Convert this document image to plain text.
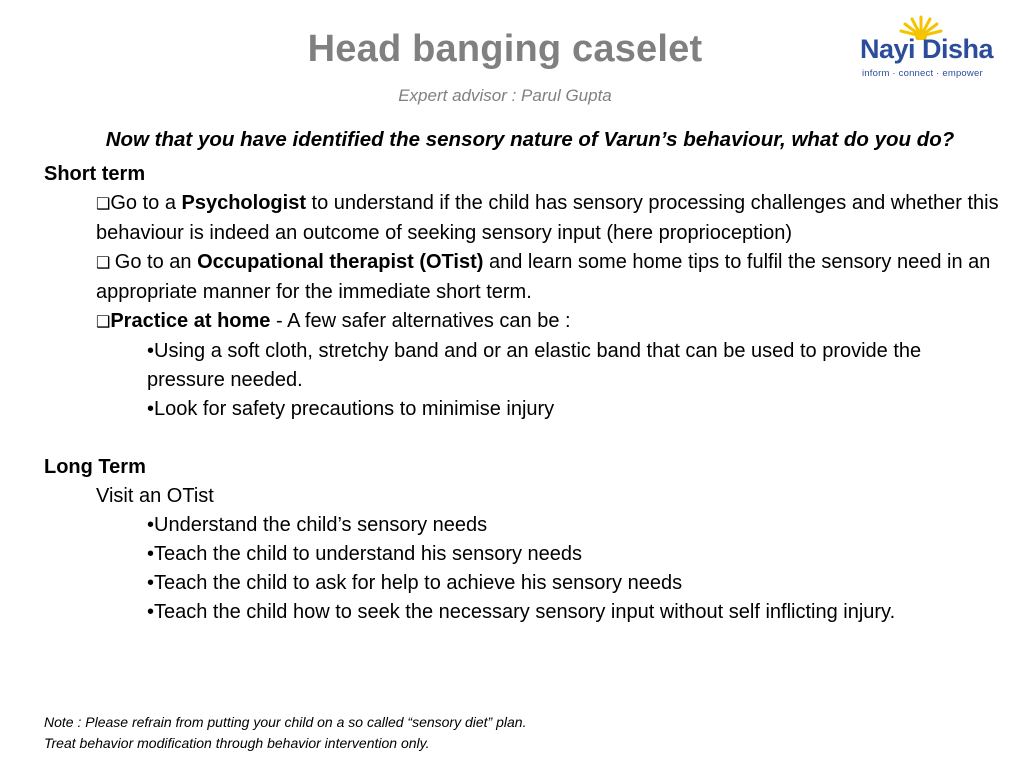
Head banging caselet
Expert advisor : Parul Gupta
Nayi Disha
inform · connect · empower
Now that you have identified the sensory nature of Varun’s behaviour, what do you do?

Short term

❑Go to a Psychologist to understand if the child has sensory processing challenges and whether this behaviour is indeed an outcome of seeking sensory input (here proprioception)

❑ Go to an Occupational therapist (OTist) and learn some home tips to fulfil the sensory need in an appropriate manner for the immediate short term.

❑Practice at home - A few safer alternatives can be :

•Using a soft cloth, stretchy band and or an elastic band that can be used to provide the pressure needed.

•Look for safety precautions to minimise injury

Long Term

Visit an OTist

•Understand the child’s sensory needs

•Teach the child to understand his sensory needs

•Teach the child to ask for help to achieve his sensory needs

•Teach the child how to seek the necessary sensory input without self inflicting injury.

Note : Please refrain from putting your child on a so called “sensory diet” plan.

Treat behavior modification through behavior intervention only.
